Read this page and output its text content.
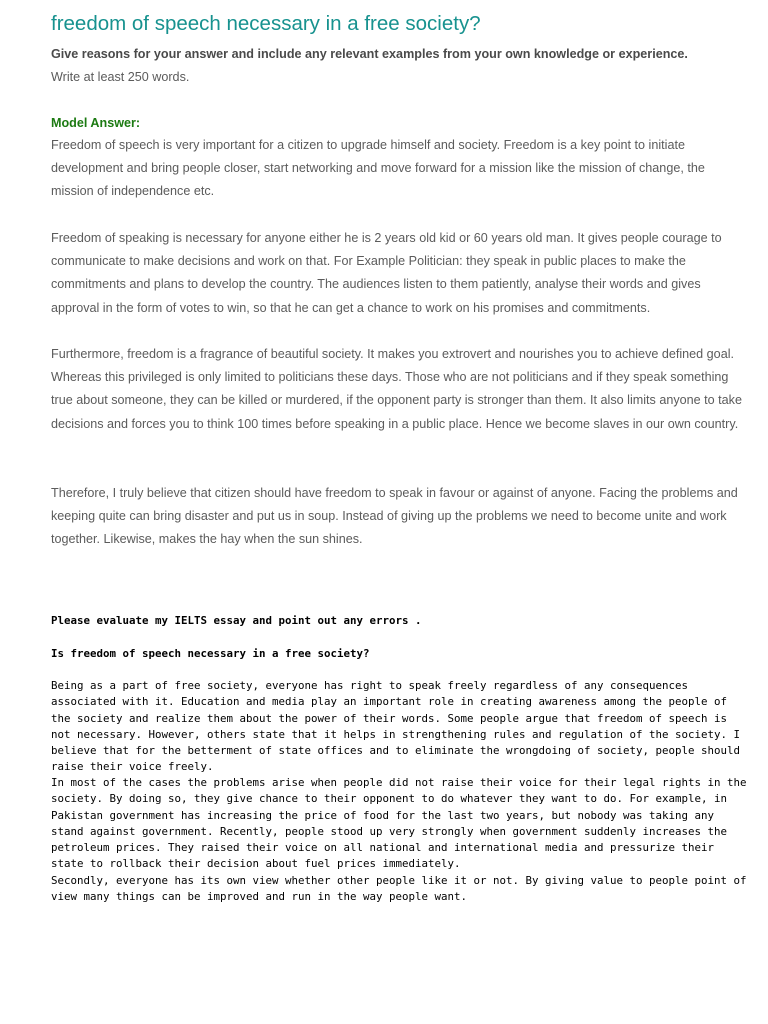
freedom of speech necessary in a free society?
Give reasons for your answer and include any relevant examples from your own knowledge or experience.
Write at least 250 words.
Model Answer:

Freedom of speech is very important for a citizen to upgrade himself and society. Freedom is a key point to initiate development and bring people closer, start networking and move forward for a mission like the mission of change, the mission of independence etc.

Freedom of speaking is necessary for anyone either he is 2 years old kid or 60 years old man. It gives people courage to communicate to make decisions and work on that. For Example Politician: they speak in public places to make the commitments and plans to develop the country. The audiences listen to them patiently, analyse their words and gives approval in the form of votes to win, so that he can get a chance to work on his promises and commitments.

Furthermore, freedom is a fragrance of beautiful society. It makes you extrovert and nourishes you to achieve defined goal. Whereas this privileged is only limited to politicians these days. Those who are not politicians and if they speak something true about someone, they can be killed or murdered, if the opponent party is stronger than them. It also limits anyone to take decisions and forces you to think 100 times before speaking in a public place. Hence we become slaves in our own country.

Therefore, I truly believe that citizen should have freedom to speak in favour or against of anyone. Facing the problems and keeping quite can bring disaster and put us in soup. Instead of giving up the problems we need to become unite and work together. Likewise, makes the hay when the sun shines.

Please evaluate my IELTS essay and point out any errors .
Is freedom of speech necessary in a free society?

Being as a part of free society, everyone has right to speak freely regardless of any consequences associated with it. Education and media play an important role in creating awareness among the people of the society and realize them about the power of their words. Some people argue that freedom of speech is not necessary. However, others state that it helps in strengthening rules and regulation of the society. I believe that for the betterment of state offices and to eliminate the wrongdoing of society, people should raise their voice freely.

In most of the cases the problems arise when people did not raise their voice for their legal rights in the society. By doing so, they give chance to their opponent to do whatever they want to do. For example, in Pakistan government has increasing the price of food for the last two years, but nobody was taking any stand against government. Recently, people stood up very strongly when government suddenly increases the petroleum prices. They raised their voice on all national and international media and pressurize their state to rollback their decision about fuel prices immediately.

Secondly, everyone has its own view whether other people like it or not. By giving value to people point of view many things can be improved and run in the way people want.
